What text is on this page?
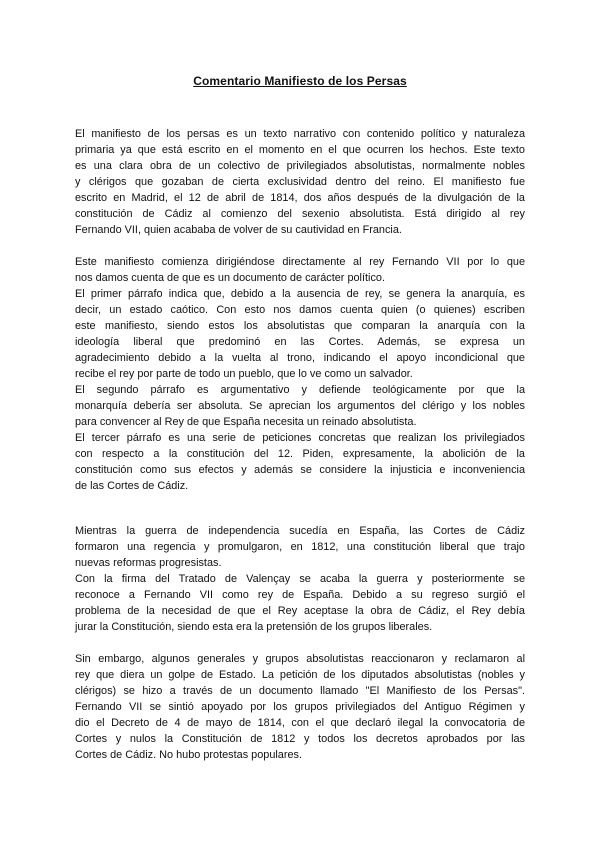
Comentario Manifiesto de los Persas
El manifiesto de los persas es un texto narrativo con contenido político y naturaleza
primaria ya que está escrito en el momento en el que ocurren los hechos. Este texto
es una clara obra de un colectivo de privilegiados absolutistas, normalmente nobles
y clérigos que gozaban de cierta exclusividad dentro del reino. El manifiesto fue
escrito en Madrid, el 12 de abril de 1814, dos años después de la divulgación de la
constitución de Cádiz al comienzo del sexenio absolutista. Está dirigido al rey
Fernando VII, quien acababa de volver de su cautividad en Francia.
Este manifiesto comienza dirigiéndose directamente al rey Fernando VII por lo que
nos damos cuenta de que es un documento de carácter político.
El primer párrafo indica que, debido a la ausencia de rey, se genera la anarquía, es
decir, un estado caótico. Con esto nos damos cuenta quien (o quienes) escriben
este manifiesto, siendo estos los absolutistas que comparan la anarquía con la
ideología liberal que predominó en las Cortes. Además, se expresa un
agradecimiento debido a la vuelta al trono, indicando el apoyo incondicional que
recibe el rey por parte de todo un pueblo, que lo ve como un salvador.
El segundo párrafo es argumentativo y defiende teológicamente por que la
monarquía debería ser absoluta. Se aprecian los argumentos del clérigo y los nobles
para convencer al Rey de que España necesita un reinado absolutista.
El tercer párrafo es una serie de peticiones concretas que realizan los privilegiados
con respecto a la constitución del 12. Piden, expresamente, la abolición de la
constitución como sus efectos y además se considere la injusticia e inconveniencia
de las Cortes de Cádiz.
Mientras la guerra de independencia sucedía en España, las Cortes de Cádiz
formaron una regencia y promulgaron, en 1812, una constitución liberal que trajo
nuevas reformas progresistas.
Con la firma del Tratado de Valençay se acaba la guerra y posteriormente se
reconoce a Fernando VII como rey de España. Debido a su regreso surgió el
problema de la necesidad de que el Rey aceptase la obra de Cádiz, el Rey debía
jurar la Constitución, siendo esta era la pretensión de los grupos liberales.
Sin embargo, algunos generales y grupos absolutistas reaccionaron y reclamaron al
rey que diera un golpe de Estado. La petición de los diputados absolutistas (nobles y
clérigos) se hizo a través de un documento llamado "El Manifiesto de los Persas".
Fernando VII se sintió apoyado por los grupos privilegiados del Antiguo Régimen y
dio el Decreto de 4 de mayo de 1814, con el que declaró ilegal la convocatoria de
Cortes y nulos la Constitución de 1812 y todos los decretos aprobados por las
Cortes de Cádiz. No hubo protestas populares.
